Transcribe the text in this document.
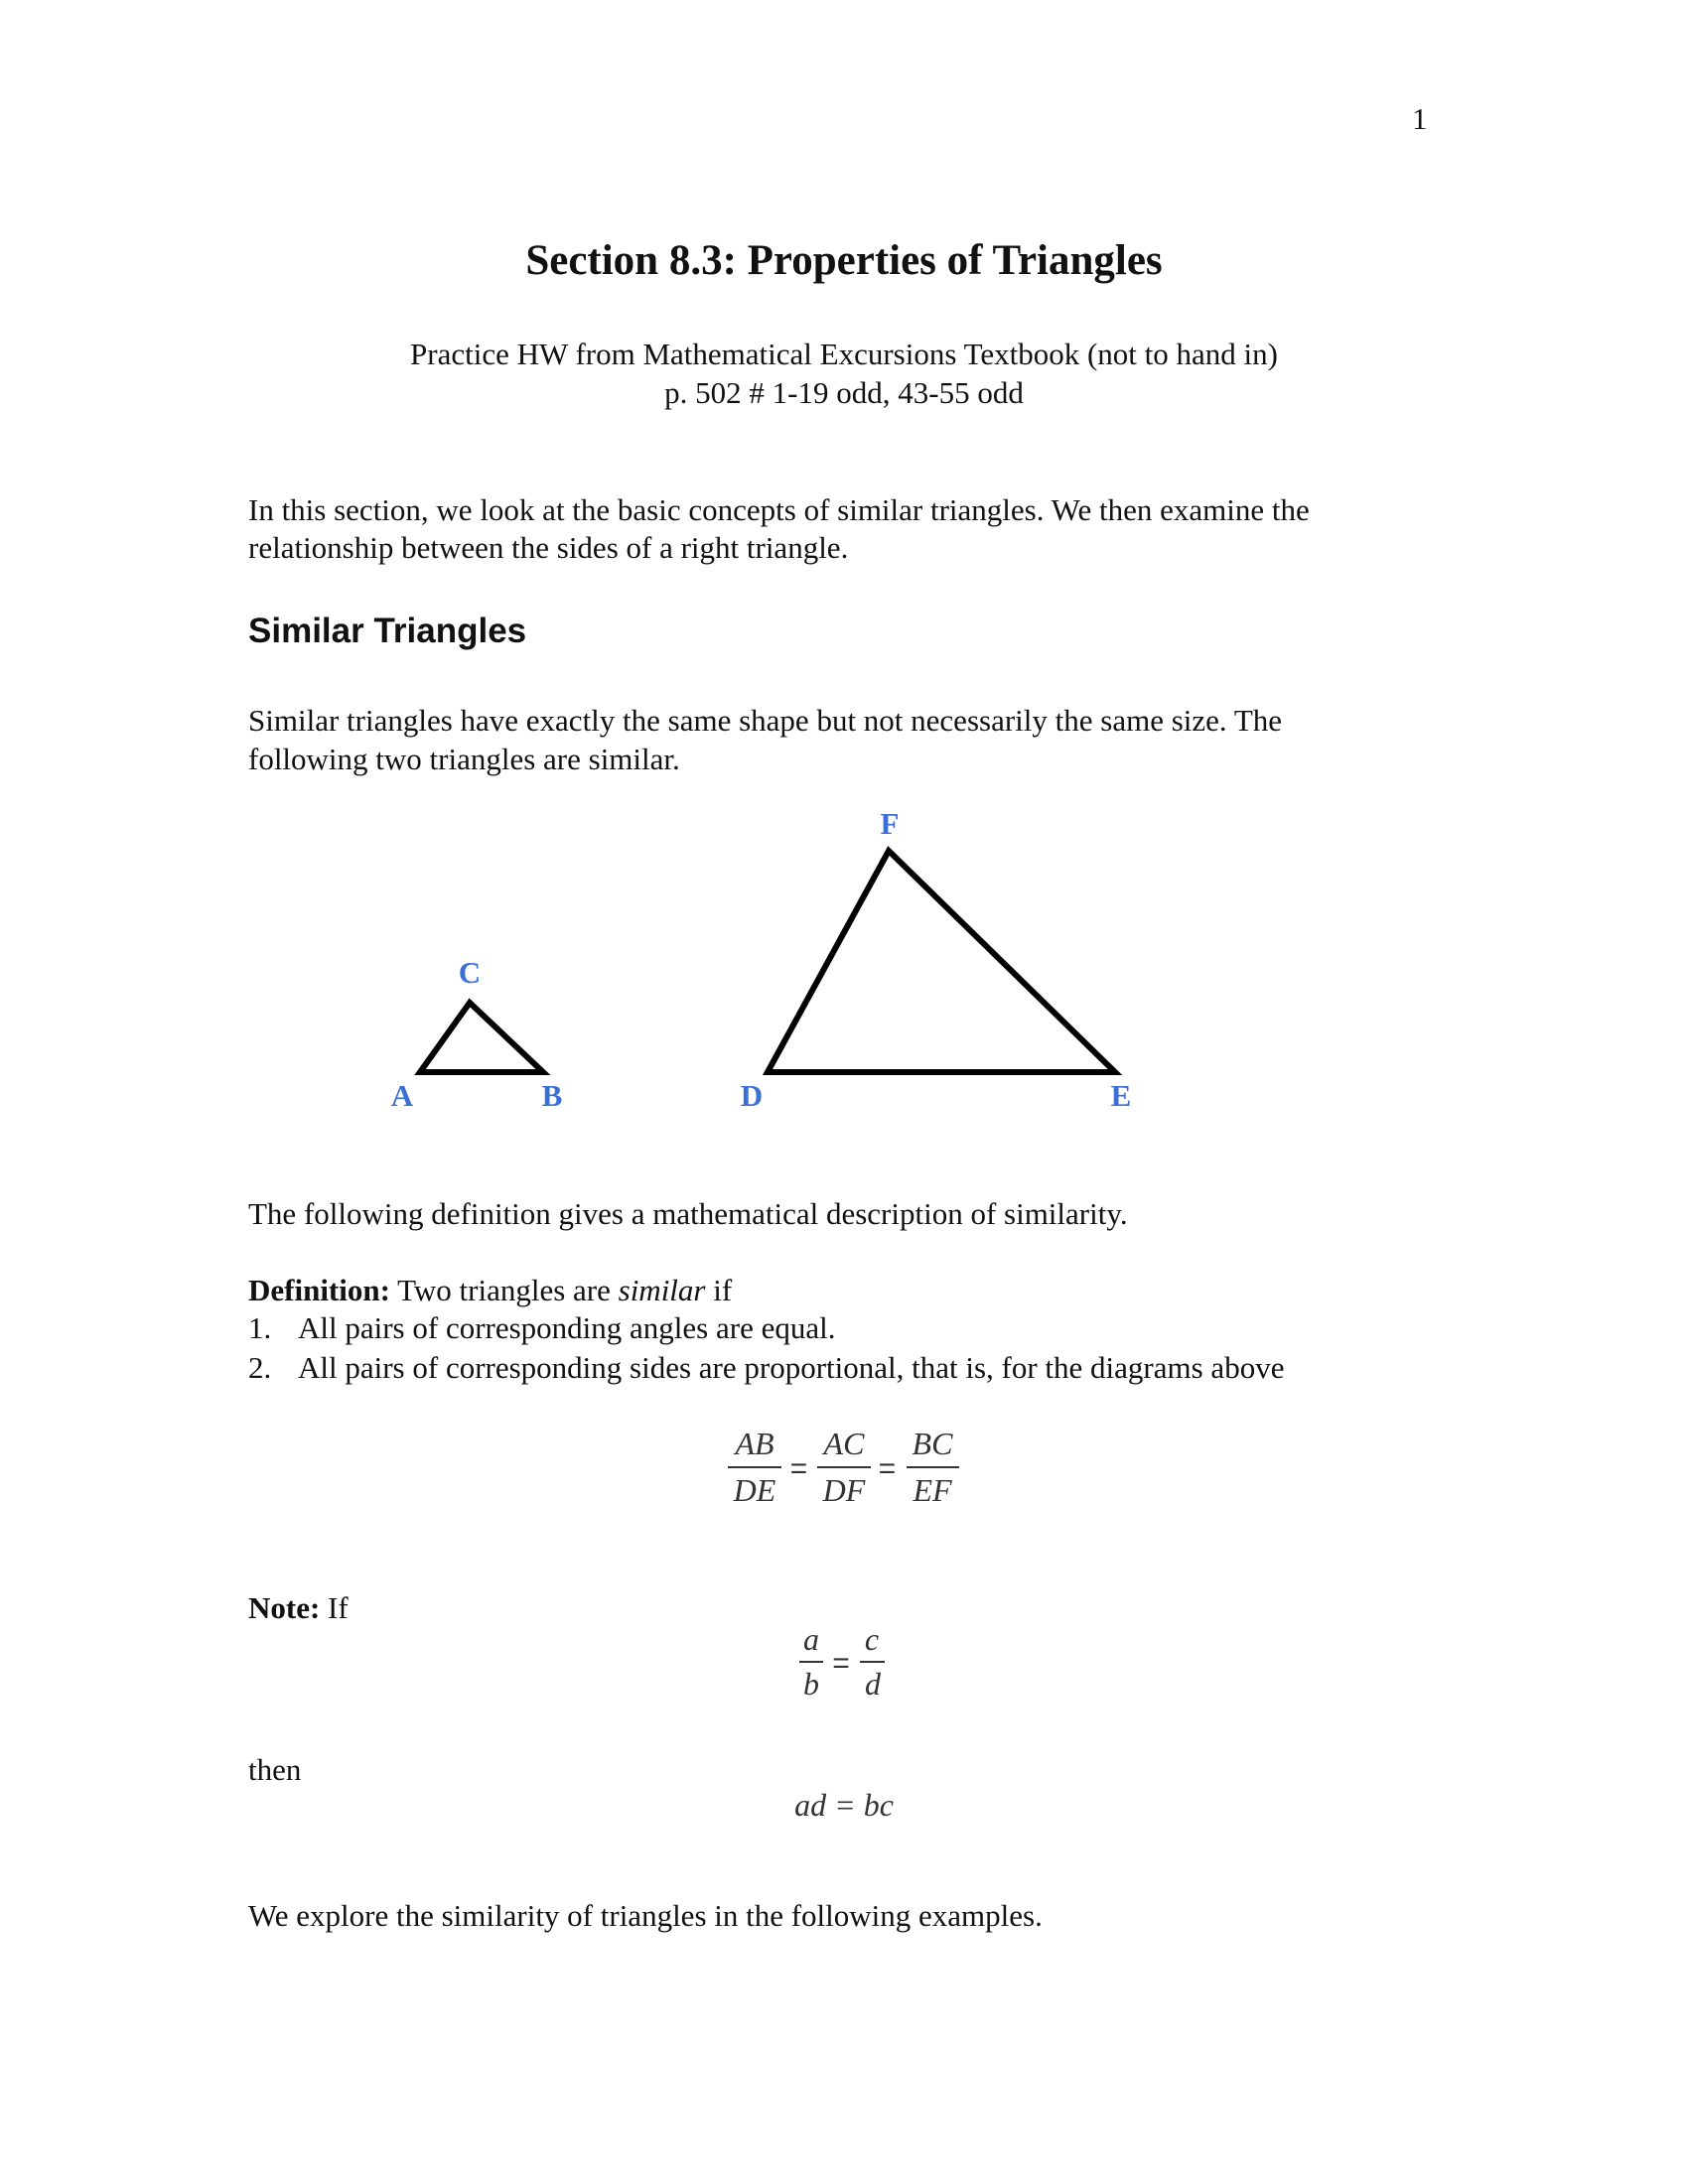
1
Section 8.3: Properties of Triangles
Practice HW from Mathematical Excursions Textbook (not to hand in)
p. 502 # 1-19 odd, 43-55 odd
In this section, we look at the basic concepts of similar triangles. We then examine the
relationship between the sides of a right triangle.
Similar Triangles
Similar triangles have exactly the same shape but not necessarily the same size. The
following two triangles are similar.
C
A	B
F
D	E
The following definition gives a mathematical description of similarity.
Definition: Two triangles are similar if
1. All pairs of corresponding angles are equal.
2. All pairs of corresponding sides are proportional, that is, for the diagrams above
AB
DE
=
AC
DF
=
BC
EF
Note: If
a
b
=
c
d
then
ad = bc
We explore the similarity of triangles in the following examples.
